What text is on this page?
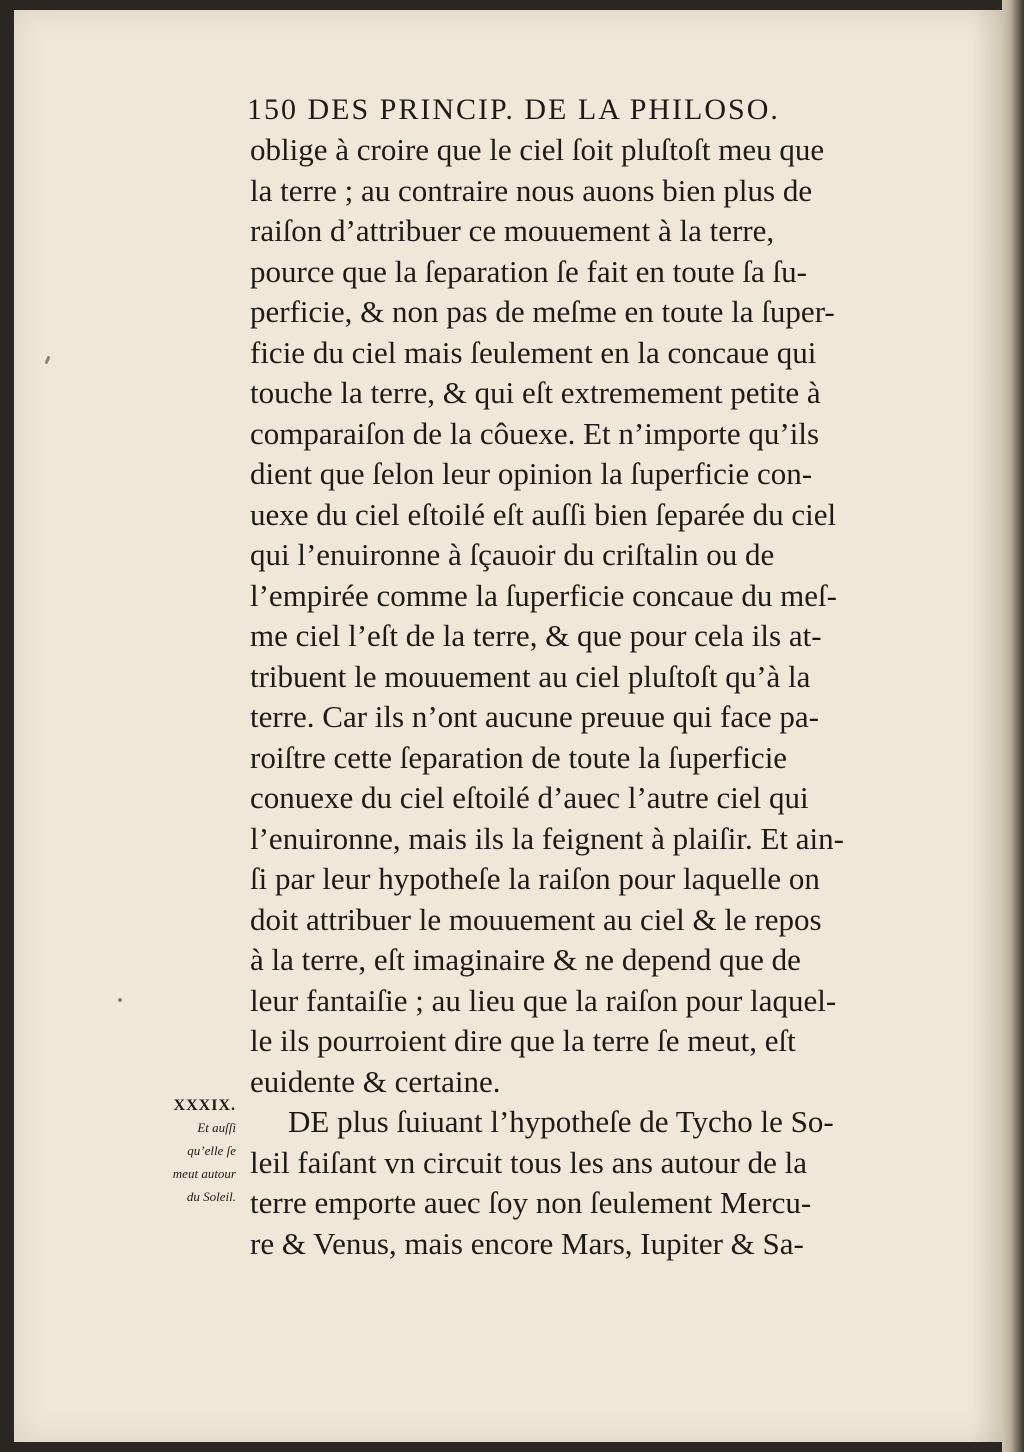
150 DES PRINCIP. DE LA PHILOSO.
oblige à croire que le ciel ſoit pluſtoſt meu que
la terre ; au contraire nous auons bien plus de
raiſon d’attribuer ce mouuement à la terre,
pource que la ſeparation ſe fait en toute ſa ſu-
perficie, & non pas de meſme en toute la ſuper-
ficie du ciel mais ſeulement en la concaue qui
touche la terre, & qui eſt extremement petite à
comparaiſon de la côuexe. Et n’importe qu’ils
dient que ſelon leur opinion la ſuperficie con-
uexe du ciel eſtoilé eſt auſſi bien ſeparée du ciel
qui l’enuironne à ſçauoir du criſtalin ou de
l’empirée comme la ſuperficie concaue du meſ-
me ciel l’eſt de la terre, & que pour cela ils at-
tribuent le mouuement au ciel pluſtoſt qu’à la
terre. Car ils n’ont aucune preuue qui face pa-
roiſtre cette ſeparation de toute la ſuperficie
conuexe du ciel eſtoilé d’auec l’autre ciel qui
l’enuironne, mais ils la feignent à plaiſir. Et ain-
ſi par leur hypotheſe la raiſon pour laquelle on
doit attribuer le mouuement au ciel & le repos
à la terre, eſt imaginaire & ne depend que de
leur fantaiſie ; au lieu que la raiſon pour laquel-
le ils pourroient dire que la terre ſe meut, eſt
euidente & certaine.
DE plus ſuiuant l’hypotheſe de Tycho le So-
leil faiſant vn circuit tous les ans autour de la
terre emporte auec ſoy non ſeulement Mercu-
re & Venus, mais encore Mars, Iupiter & Sa-
XXXIX.
Et auſſi
qu’elle ſe
meut autour
du Soleil.
